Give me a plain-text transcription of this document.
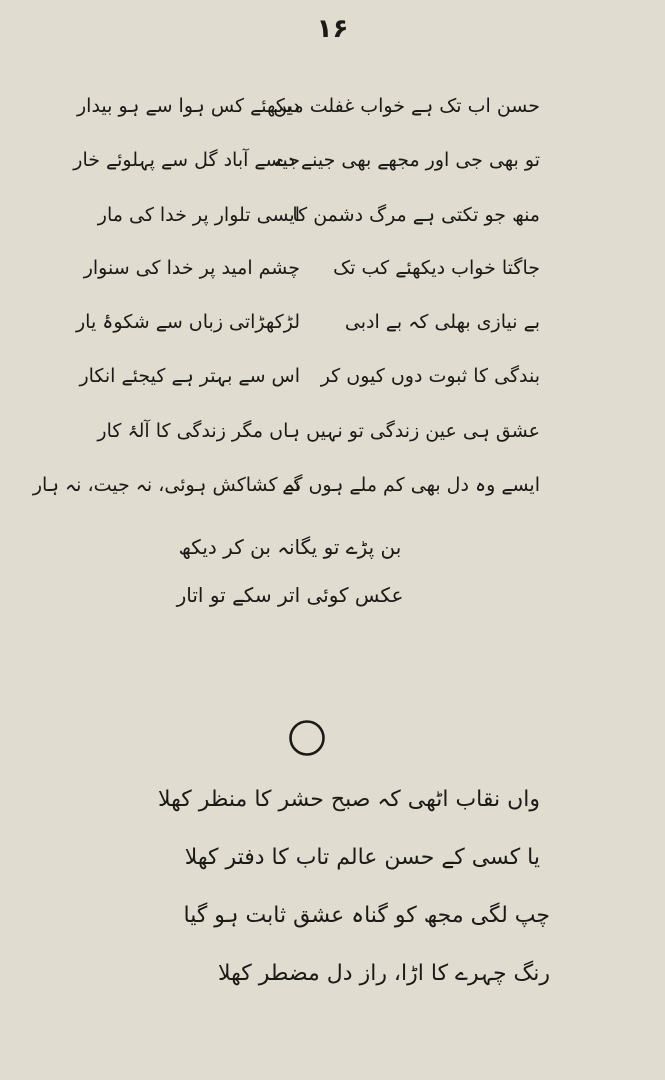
۱۶
حسن اب تک ہے خواب غفلت میں
دیکھئے کس ہوا سے ہو بیدار
تو بھی جی اور مجھے بھی جینے دے
جیسے آباد گل سے پہلوئے خار
منھ جو تکتی ہے مرگ دشمن کا
ایسی تلوار پر خدا کی مار
جاگتا خواب دیکھئے کب تک
چشم امید پر خدا کی سنوار
بے نیازی بھلی کہ بے ادبی
لڑکھڑاتی زباں سے شکوۂ یار
بندگی کا ثبوت دوں کیوں کر
اس سے بہتر ہے کیجئے انکار
عشق ہی عین زندگی تو نہیں
ہاں مگر زندگی کا آلۂ کار
ایسے وہ دل بھی کم ملے ہوں گے
نہ کشاکش ہوئی، نہ جیت، نہ ہار
بن پڑے تو یگانہ بن کر دیکھ
عکس کوئی اتر سکے تو اتار
واں نقاب اٹھی کہ صبح حشر کا منظر کھلا
یا کسی کے حسن عالم تاب کا دفتر کھلا
چپ لگی مجھ کو گناہ عشق ثابت ہو گیا
رنگ چہرے کا اڑا، راز دل مضطر کھلا
